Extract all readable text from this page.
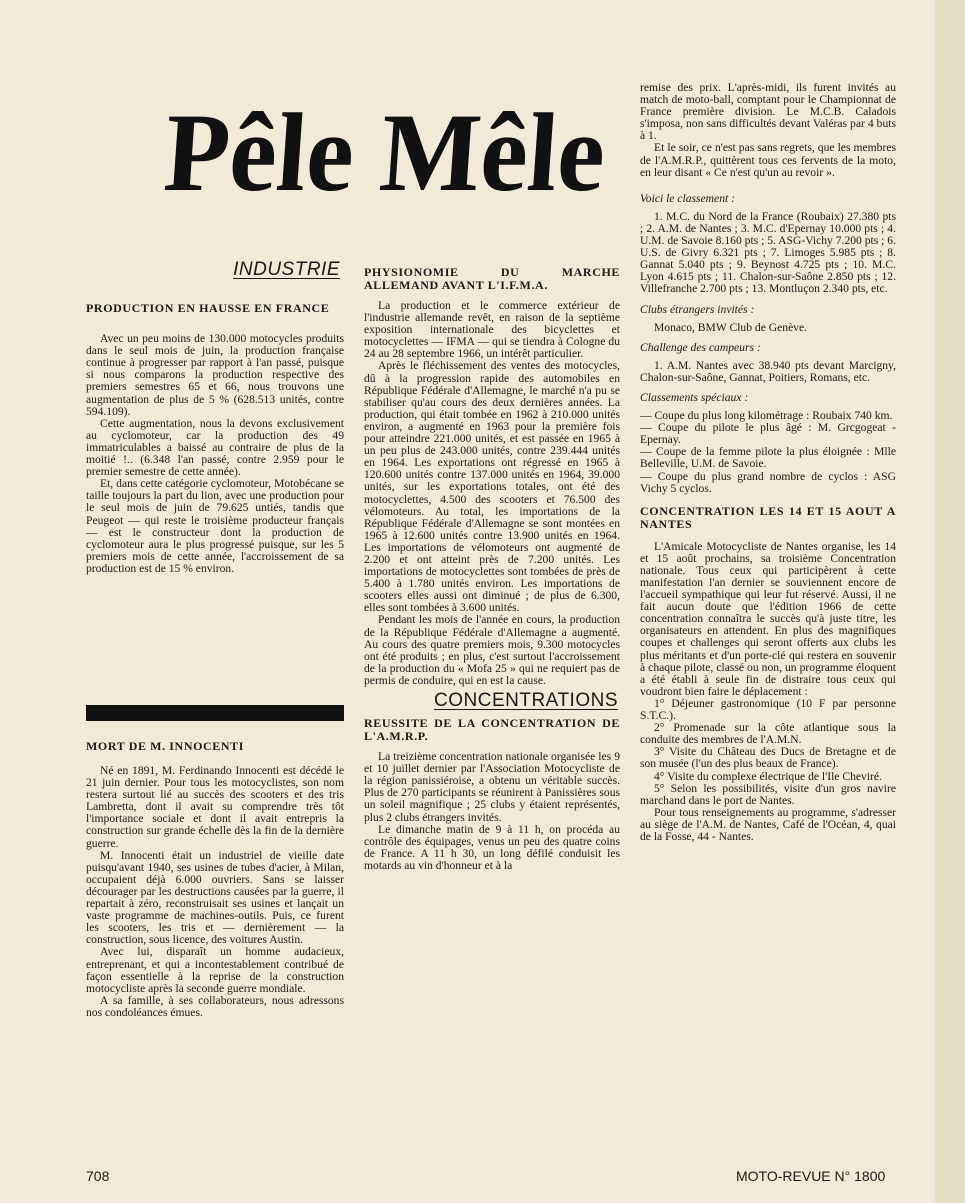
Pêle Mêle
INDUSTRIE
PRODUCTION EN HAUSSE EN FRANCE

Avec un peu moins de 130.000 motocycles produits dans le seul mois de juin, la production française continue à progresser par rapport à l'an passé, puisque si nous comparons la production respective des premiers semestres 65 et 66, nous trouvons une augmentation de plus de 5 % (628.513 unités, contre 594.109).

Cette augmentation, nous la devons exclusivement au cyclomoteur, car la production des 49 immatriculables a baissé au contraire de plus de la moitié !.. (6.348 l'an passé, contre 2.959 pour le premier semestre de cette année).

Et, dans cette catégorie cyclomoteur, Motobécane se taille toujours la part du lion, avec une production pour le seul mois de juin de 79.625 untiés, tandis que Peugeot — qui reste le troisième producteur français — est le constructeur dont la production de cyclomoteur aura le plus progressé puisque, sur les 5 premiers mois de cette année, l'accroissement de sa production est de 15 % environ.

MORT DE M. INNOCENTI

Né en 1891, M. Ferdinando Innocenti est décédé le 21 juin dernier. Pour tous les motocyclistes, son nom restera surtout lié au succès des scooters et des tris Lambretta, dont il avait su comprendre très tôt l'importance sociale et dont il avait entrepris la construction sur grande échelle dès la fin de la dernière guerre.

M. Innocenti était un industriel de vieille date puisqu'avant 1940, ses usines de tubes d'acier, à Milan, occupaient déjà 6.000 ouvriers. Sans se laisser décourager par les destructions causées par la guerre, il repartait à zéro, reconstruisait ses usines et lançait un vaste programme de machines-outils. Puis, ce furent les scooters, les tris et — dernièrement — la construction, sous licence, des voitures Austin.

Avec lui, disparaît un homme audacieux, entreprenant, et qui a incontestablement contribué de façon essentielle à la reprise de la construction motocycliste après la seconde guerre mondiale.

A sa famille, à ses collaborateurs, nous adressons nos condoléances émues.

PHYSIONOMIE DU MARCHE ALLEMAND AVANT L'I.F.M.A.

La production et le commerce extérieur de l'industrie allemande revêt, en raison de la septième exposition internationale des bicyclettes et motocyclettes — IFMA — qui se tiendra à Cologne du 24 au 28 septembre 1966, un intérêt particulier.

Après le fléchissement des ventes des motocycles, dû à la progression rapide des automobiles en République Fédérale d'Allemagne, le marché n'a pu se stabiliser qu'au cours des deux dernières années. La production, qui était tombée en 1962 à 210.000 unités environ, a augmenté en 1963 pour la première fois pour atteindre 221.000 unités, et est passée en 1965 à un peu plus de 243.000 unités, contre 239.444 unités en 1964. Les exportations ont régressé en 1965 à 120.600 unités contre 137.000 unités en 1964, 39.000 unités, sur les exportations totales, ont été des motocyclettes, 4.500 des scooters et 76.500 des vélomoteurs. Au total, les importations de la République Fédérale d'Allemagne se sont montées en 1965 à 12.600 unités contre 13.900 unités en 1964. Les importations de vélomoteurs ont augmenté de 2.200 et ont atteint près de 7.200 unités. Les importations de motocyclettes sont tombées de près de 5.400 à 1.780 unités environ. Les importations de scooters elles aussi ont diminué ; de plus de 6.300, elles sont tombées à 3.600 unités.

Pendant les mois de l'année en cours, la production de la République Fédérale d'Allemagne a augmenté. Au cours des quatre premiers mois, 9.300 motocycles ont été produits ; en plus, c'est surtout l'accroissement de la production du « Mofa 25 » qui ne requiert pas de permis de conduire, qui en est la cause.

CONCENTRATIONS
REUSSITE DE LA CONCENTRATION DE L'A.M.R.P.

La treizième concentration nationale organisée les 9 et 10 juillet dernier par l'Association Motocycliste de la région panissiéroise, a obtenu un véritable succès. Plus de 270 participants se réunirent à Panissières sous un soleil magnifique ; 25 clubs y étaient représentés, plus 2 clubs étrangers invités.

Le dimanche matin de 9 à 11 h, on procéda au contrôle des équipages, venus un peu des quatre coins de France. A 11 h 30, un long défilé conduisit les motards au vin d'honneur et à la

remise des prix. L'après-midi, ils furent invités au match de moto-ball, comptant pour le Championnat de France première division. Le M.C.B. Caladois s'imposa, non sans difficultés devant Valéras par 4 buts à 1.

Et le soir, ce n'est pas sans regrets, que les membres de l'A.M.R.P., quittèrent tous ces fervents de la moto, en leur disant « Ce n'est qu'un au revoir ».

Voici le classement :

1. M.C. du Nord de la France (Roubaix) 27.380 pts ; 2. A.M. de Nantes ; 3. M.C. d'Epernay 10.000 pts ; 4. U.M. de Savoie 8.160 pts ; 5. ASG-Vichy 7.200 pts ; 6. U.S. de Givry 6.321 pts ; 7. Limoges 5.985 pts ; 8. Gannat 5.040 pts ; 9. Beynost 4.725 pts ; 10. M.C. Lyon 4.615 pts ; 11. Chalon-sur-Saône 2.850 pts ; 12. Villefranche 2.700 pts ; 13. Montluçon 2.340 pts, etc.

Clubs étrangers invités :

Monaco, BMW Club de Genève.

Challenge des campeurs :

1. A.M. Nantes avec 38.940 pts devant Marcigny, Chalon-sur-Saône, Gannat, Poitiers, Romans, etc.

Classements spéciaux :

— Coupe du plus long kilométrage : Roubaix 740 km.

— Coupe du pilote le plus âgé : M. Grcgogeat - Epernay.

— Coupe de la femme pilote la plus éloignée : Mlle Belleville, U.M. de Savoie.

— Coupe du plus grand nombre de cyclos : ASG Vichy 5 cyclos.

CONCENTRATION LES 14 ET 15 AOUT A NANTES

L'Amicale Motocycliste de Nantes organise, les 14 et 15 août prochains, sa troisième Concentration nationale. Tous ceux qui participèrent à cette manifestation l'an dernier se souviennent encore de l'accueil sympathique qui leur fut réservé. Aussi, il ne fait aucun doute que l'édition 1966 de cette concentration connaîtra le succès qu'à juste titre, les organisateurs en attendent. En plus des magnifiques coupes et challenges qui seront offerts aux clubs les plus méritants et d'un porte-clé qui restera en souvenir à chaque pilote, classé ou non, un programme éloquent a été établi à seule fin de distraire tous ceux qui voudront bien faire le déplacement :

1° Déjeuner gastronomique (10 F par personne S.T.C.).

2° Promenade sur la côte atlantique sous la conduite des membres de l'A.M.N.

3° Visite du Château des Ducs de Bretagne et de son musée (l'un des plus beaux de France).

4° Visite du complexe électrique de l'Ile Cheviré.

5° Selon les possibilités, visite d'un gros navire marchand dans le port de Nantes.

Pour tous renseignements au programme, s'adresser au siège de l'A.M. de Nantes, Café de l'Océan, 4, quai de la Fosse, 44 - Nantes.

708	MOTO-REVUE N° 1800
